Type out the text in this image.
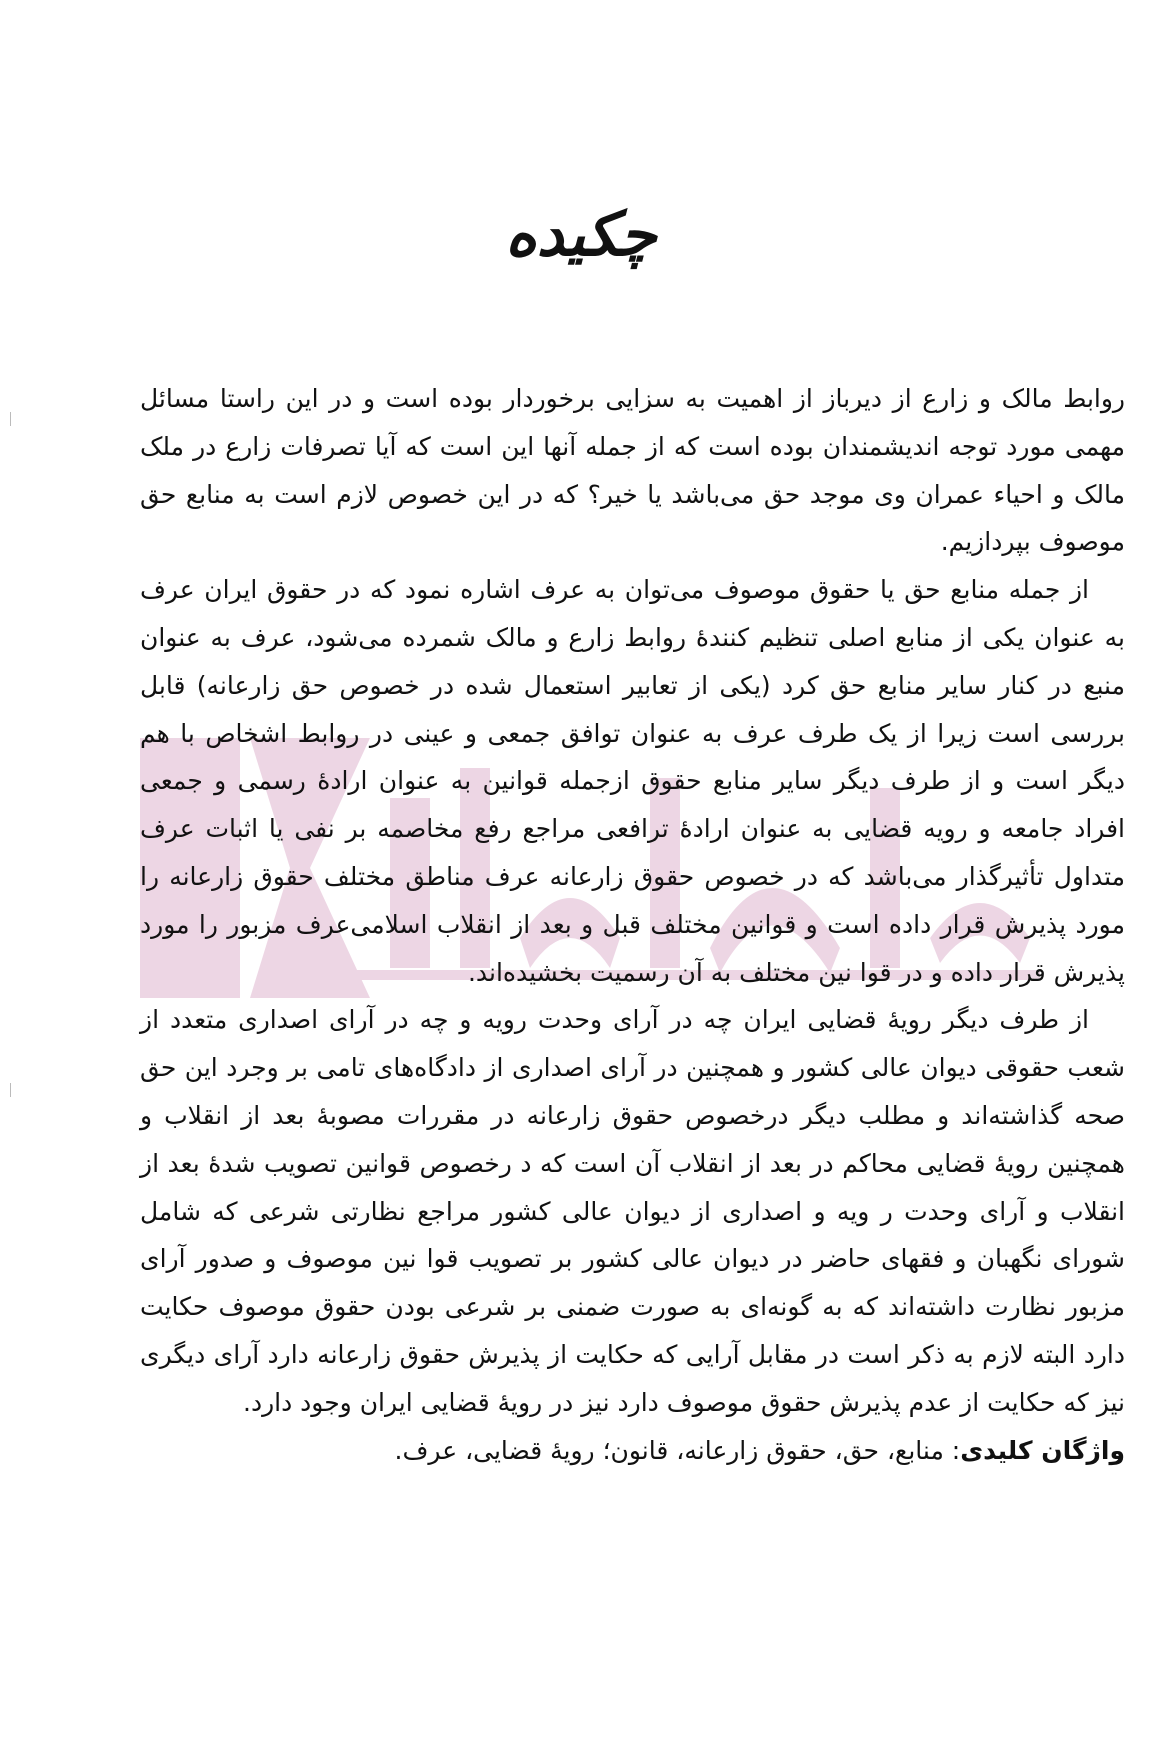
چکیده

روابط مالک و زارع از دیرباز از اهمیت به سزایی برخوردار بوده است و در این راستا مسائل مهمی مورد توجه اندیشمندان بوده است که از جمله آنها این است که آیا تصرفات زارع در ملک مالک و احیاء عمران وی موجد حق می‌باشد یا خیر؟ که در این خصوص لازم است به منابع حق موصوف بپردازیم.

از جمله منابع حق یا حقوق موصوف می‌توان به عرف اشاره نمود که در حقوق ایران عرف به عنوان یکی از منابع اصلی تنظیم کنندهٔ روابط زارع و مالک شمرده می‌شود، عرف به عنوان منبع در کنار سایر منابع حق کرد (یکی از تعابیر استعمال شده در خصوص حق زارعانه) قابل بررسی است زیرا از یک طرف عرف به عنوان توافق جمعی و عینی در روابط اشخاص با هم دیگر است و از طرف دیگر سایر منابع حقوق ازجمله قوانین به عنوان ارادهٔ رسمی و جمعی افراد جامعه و رویه قضایی به عنوان ارادهٔ ترافعی مراجع رفع مخاصمه بر نفی یا اثبات عرف متداول تأثیرگذار می‌باشد که در خصوص حقوق زارعانه عرف مناطق مختلف حقوق زارعانه را مورد پذیرش قرار داده است و قوانین مختلف قبل و بعد از انقلاب اسلامی‌عرف مزبور را مورد پذیرش قرار داده و در قوا نین مختلف به آن رسمیت بخشیده‌اند.

از طرف دیگر رویهٔ قضایی ایران چه در آرای وحدت رویه و چه در آرای اصداری متعدد از شعب حقوقی دیوان عالی کشور و همچنین در آرای اصداری از دادگاه‌های تامی بر وجرد این حق صحه گذاشته‌اند و مطلب دیگر درخصوص حقوق زارعانه در مقررات مصوبهٔ بعد از انقلاب و همچنین رویهٔ قضایی محاکم در بعد از انقلاب آن است که د رخصوص قوانین تصویب شدهٔ بعد از انقلاب و آرای وحدت ر ویه و اصداری از دیوان عالی کشور مراجع نظارتی شرعی که شامل شورای نگهبان و فقهای حاضر در دیوان عالی کشور بر تصویب قوا نین موصوف و صدور آرای مزبور نظارت داشته‌اند که به گونه‌ای به صورت ضمنی بر شرعی بودن حقوق موصوف حکایت دارد البته لازم به ذکر است در مقابل آرایی که حکایت از پذیرش حقوق زارعانه دارد آرای دیگری نیز که حکایت از عدم پذیرش حقوق موصوف دارد نیز در رویهٔ قضایی ایران وجود دارد.

واژگان کلیدی: منابع، حق، حقوق زارعانه، قانون؛ رویهٔ قضایی، عرف.
